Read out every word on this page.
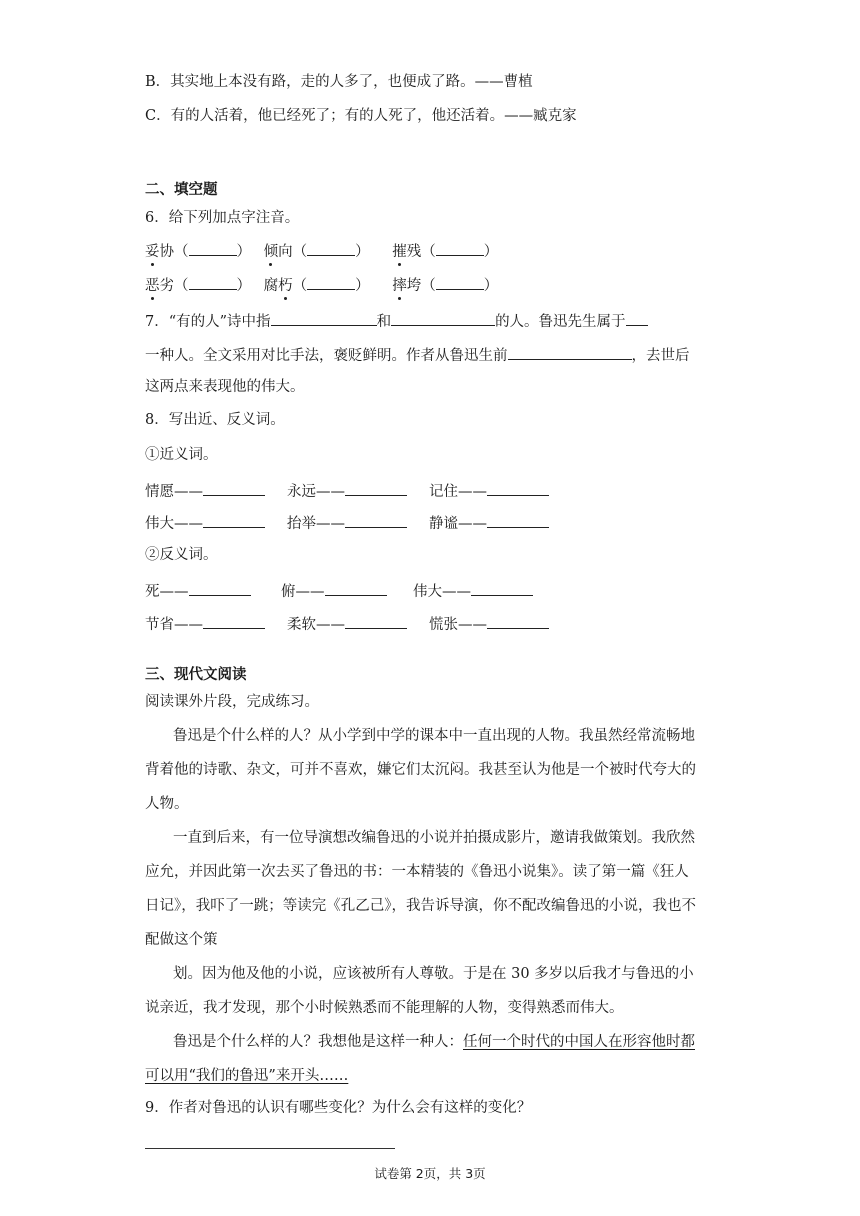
B．其实地上本没有路，走的人多了，也便成了路。——曹植
C．有的人活着，他已经死了；有的人死了，他还活着。——臧克家
二、填空题
6．给下列加点字注音。
妥协（	） 倾向（	） 摧残（	）
恶劣（	） 腐朽（	） 摔垮（	）
7．“有的人”诗中指	和	的人。鲁迅先生属于
一种人。全文采用对比手法，褒贬鲜明。作者从鲁迅生前	，去世后
这两点来表现他的伟大。
8．写出近、反义词。
①近义词。
情愿——	永远——	记住——
伟大——	抬举——	静谧——
②反义词。
死——	俯——	伟大——
节省——	柔软——	慌张——
三、现代文阅读
阅读课外片段，完成练习。
鲁迅是个什么样的人？从小学到中学的课本中一直出现的人物。我虽然经常流畅地
背着他的诗歌、杂文，可并不喜欢，嫌它们太沉闷。我甚至认为他是一个被时代夸大的
人物。
一直到后来，有一位导演想改编鲁迅的小说并拍摄成影片，邀请我做策划。我欣然
应允，并因此第一次去买了鲁迅的书：一本精装的《鲁迅小说集》。读了第一篇《狂人
日记》，我吓了一跳；等读完《孔乙己》，我告诉导演，你不配改编鲁迅的小说，我也不
配做这个策
划。因为他及他的小说，应该被所有人尊敬。于是在 30 多岁以后我才与鲁迅的小
说亲近，我才发现，那个小时候熟悉而不能理解的人物，变得熟悉而伟大。
鲁迅是个什么样的人？我想他是这样一种人：任何一个时代的中国人在形容他时都
可以用“我们的鲁迅”来开头……
9．作者对鲁迅的认识有哪些变化？为什么会有这样的变化？
试卷第 2页，共 3页
